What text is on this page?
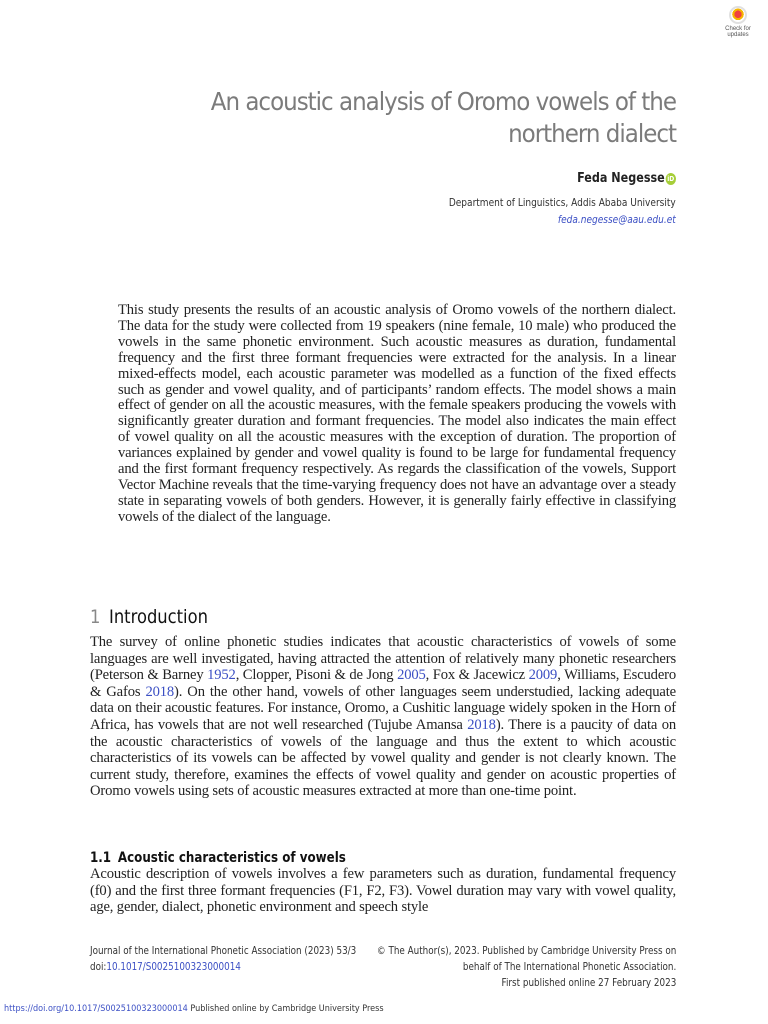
Check for
updates
An acoustic analysis of Oromo vowels of the
northern dialect
Feda Negesse iD
Department of Linguistics, Addis Ababa University
feda.negesse@aau.edu.et

This study presents the results of an acoustic analysis of Oromo vowels of the northern dialect. The data for the study were collected from 19 speakers (nine female, 10 male) who produced the vowels in the same phonetic environment. Such acoustic measures as duration, fundamental frequency and the first three formant frequencies were extracted for the analysis. In a linear mixed-effects model, each acoustic parameter was modelled as a function of the fixed effects such as gender and vowel quality, and of participants’ random effects. The model shows a main effect of gender on all the acoustic measures, with the female speakers producing the vowels with significantly greater duration and formant frequencies. The model also indicates the main effect of vowel quality on all the acoustic measures with the exception of duration. The proportion of variances explained by gender and vowel quality is found to be large for fundamental frequency and the first formant frequency respectively. As regards the classification of the vowels, Support Vector Machine reveals that the time-varying frequency does not have an advantage over a steady state in separating vowels of both genders. However, it is generally fairly effective in classifying vowels of the dialect of the language.

1 Introduction

The survey of online phonetic studies indicates that acoustic characteristics of vowels of some languages are well investigated, having attracted the attention of relatively many phonetic researchers (Peterson & Barney 1952, Clopper, Pisoni & de Jong 2005, Fox & Jacewicz 2009, Williams, Escudero & Gafos 2018). On the other hand, vowels of other languages seem understudied, lacking adequate data on their acoustic features. For instance, Oromo, a Cushitic language widely spoken in the Horn of Africa, has vowels that are not well researched (Tujube Amansa 2018). There is a paucity of data on the acoustic characteristics of vowels of the language and thus the extent to which acoustic characteristics of its vowels can be affected by vowel quality and gender is not clearly known. The current study, therefore, examines the effects of vowel quality and gender on acoustic properties of Oromo vowels using sets of acoustic measures extracted at more than one-time point.

1.1 Acoustic characteristics of vowels

Acoustic description of vowels involves a few parameters such as duration, fundamental frequency (f0) and the first three formant frequencies (F1, F2, F3). Vowel duration may vary with vowel quality, age, gender, dialect, phonetic environment and speech style

Journal of the International Phonetic Association (2023) 53/3
doi:10.1017/S0025100323000014
© The Author(s), 2023. Published by Cambridge University Press on
behalf of The International Phonetic Association.
First published online 27 February 2023
https://doi.org/10.1017/S0025100323000014 Published online by Cambridge University Press
